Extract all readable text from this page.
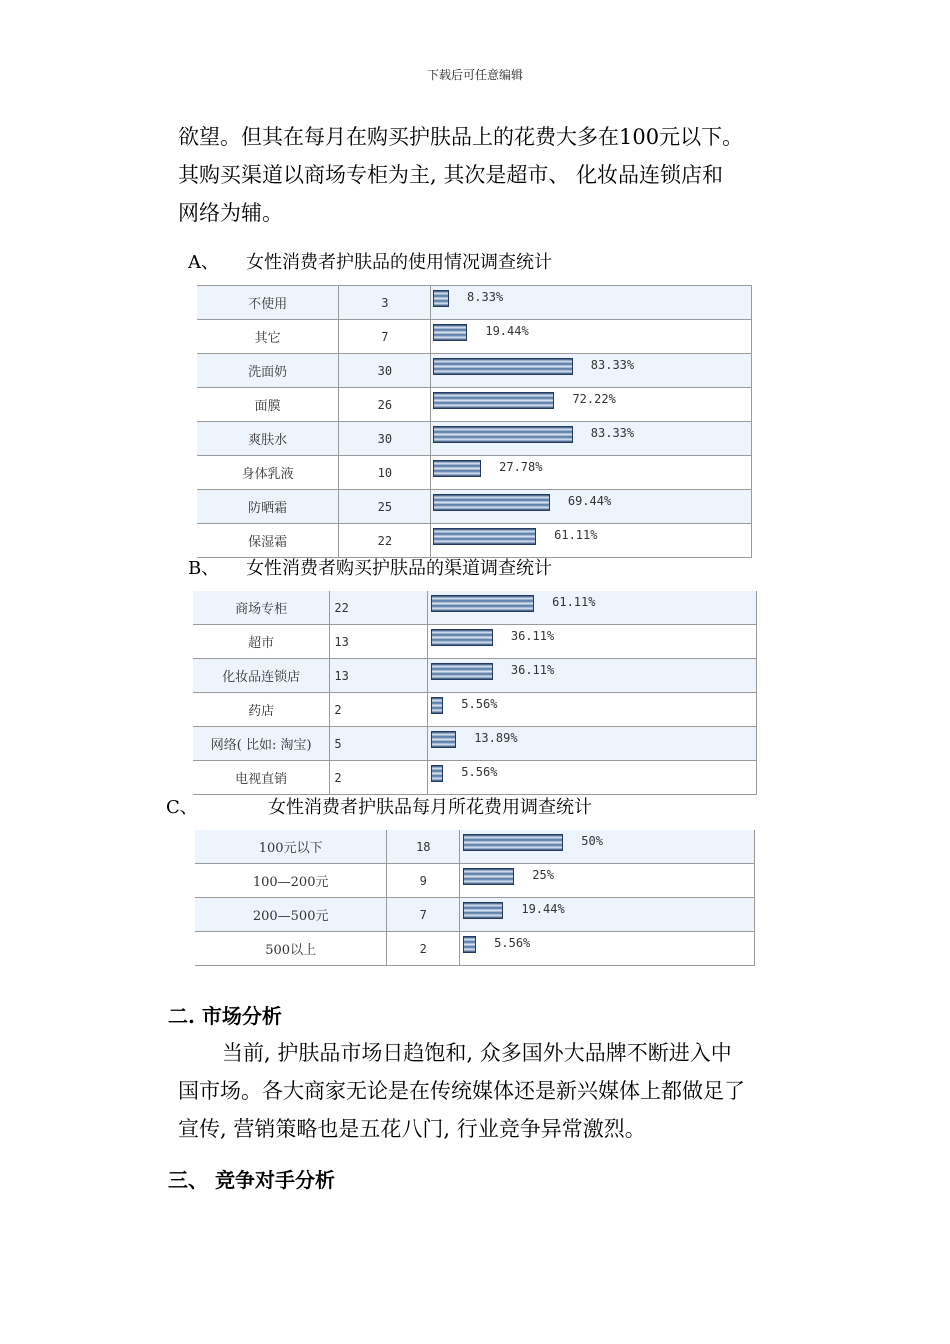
下载后可任意编辑
欲望。但其在每月在购买护肤品上的花费大多在100元以下。
其购买渠道以商场专柜为主, 其次是超市、 化妆品连锁店和
网络为辅。
A、 女性消费者护肤品的使用情况调查统计
不使用	3	8.33%

其它	7	19.44%

洗面奶	30	83.33%

面膜	26	72.22%

爽肤水	30	83.33%

身体乳液	10	27.78%

防晒霜	25	69.44%

保湿霜	22	61.11%
B、 女性消费者购买护肤品的渠道调查统计
商场专柜	22	61.11%

超市	13	36.11%

化妆品连锁店	13	36.11%

药店	2	5.56%

网络( 比如: 淘宝)	5	13.89%

电视直销	2	5.56%
C、	女性消费者护肤品每月所花费用调查统计
100元以下	18	50%

100—200元	9	25%

200—500元	7	19.44%

500以上	2	5.56%
二. 市场分析
当前, 护肤品市场日趋饱和, 众多国外大品牌不断进入中
国市场。各大商家无论是在传统媒体还是新兴媒体上都做足了
宣传, 营销策略也是五花八门, 行业竞争异常激烈。
三、 竞争对手分析
